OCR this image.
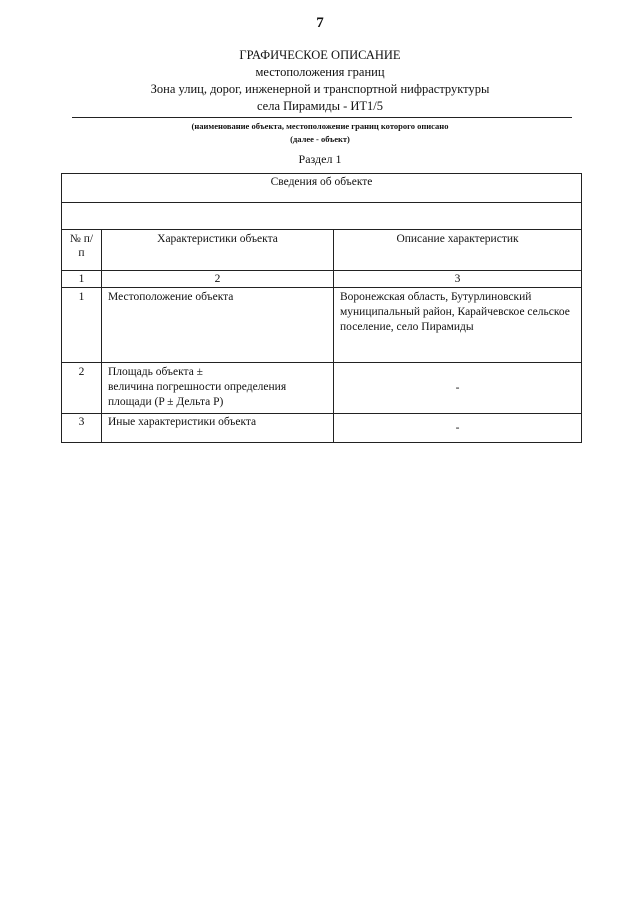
7
ГРАФИЧЕСКОЕ ОПИСАНИЕ
местоположения границ
Зона улиц, дорог, инженерной и транспортной нифраструктуры
села Пирамиды - ИТ1/5
(наименование объекта, местоположение границ которого описано
(далее - объект)
Раздел 1
Сведения об объекте		

№ п/п	Характеристики объекта	Описание характеристик
1	2	3
1	Местоположение объекта	Воронежская область, Бутурлиновский муниципальный район, Карайчевское сельское поселение, село Пирамиды
2	Площадь объекта ±
величина погрешности определения площади (P ± Дельта P)	-
3	Иные характеристики объекта	-
